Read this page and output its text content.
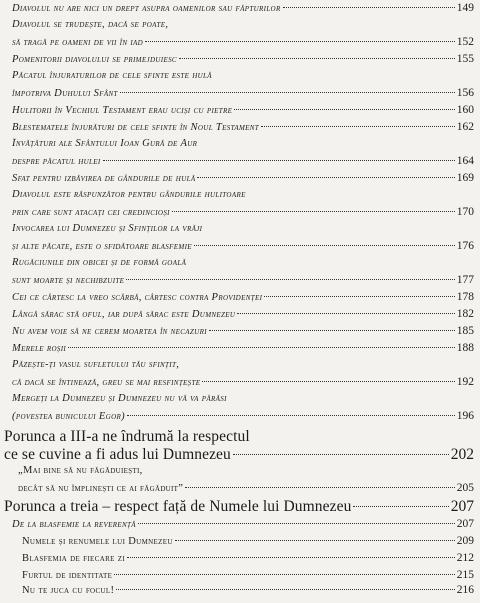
Diavolul nu are nici un drept asupra oamenilor sau făpturilor	149
Diavolul se trudește, dacă se poate,
să tragă pe oameni de vii în iad	152
Pomenitorii diavolului se primejduiesc	155
Păcatul înjuraturilor de cele sfinte este hulă
împotriva Duhului Sfânt	156
Hulitorii în Vechiul Testament erau uciși cu pietre	160
Blestematele înjurături de cele sfinte în Noul Testament	162
Învățături ale Sfântului Ioan Gură de Aur
despre păcatul hulei	164
Sfat pentru izbăvirea de gândurile de hulă	169
Diavolul este răspunzător pentru gândurile hulitoare
prin care sunt atacați cei credincioși	170
Invocarea lui Dumnezeu și Sfinților la vrăji
și alte păcate, este o sfidătoare blasfemie	176
Rugăciunile din obicei și de formă goală
sunt moarte și nechibzuite	177
Cei ce cârtesc la vreo scârbă, cârtesc contra Providenței	178
Lângă sărac stă oful, iar după sărac este Dumnezeu	182
Nu avem voie să ne cerem moartea în necazuri	185
Merele roșii	188
Păzește-ți vasul sufletului tău sfințit,
că dacă se întinează, greu se mai resfințește	192
Mergeți la Dumnezeu și Dumnezeu nu vă va părăsi
(povestea bunicului Egor)	196
Porunca a III-a ne îndrumă la respectul
ce se cuvine a fi adus lui Dumnezeu	202
„Mai bine să nu făgăduiești,
decât să nu împlinești ce ai făgăduit”	205
Porunca a treia – respect față de Numele lui Dumnezeu	207
De la blasfemie la reverență	207
Numele și renumele lui Dumnezeu	209
Blasfemia de fiecare zi	212
Furtul de identitate	215
Nu te juca cu focul!	216
